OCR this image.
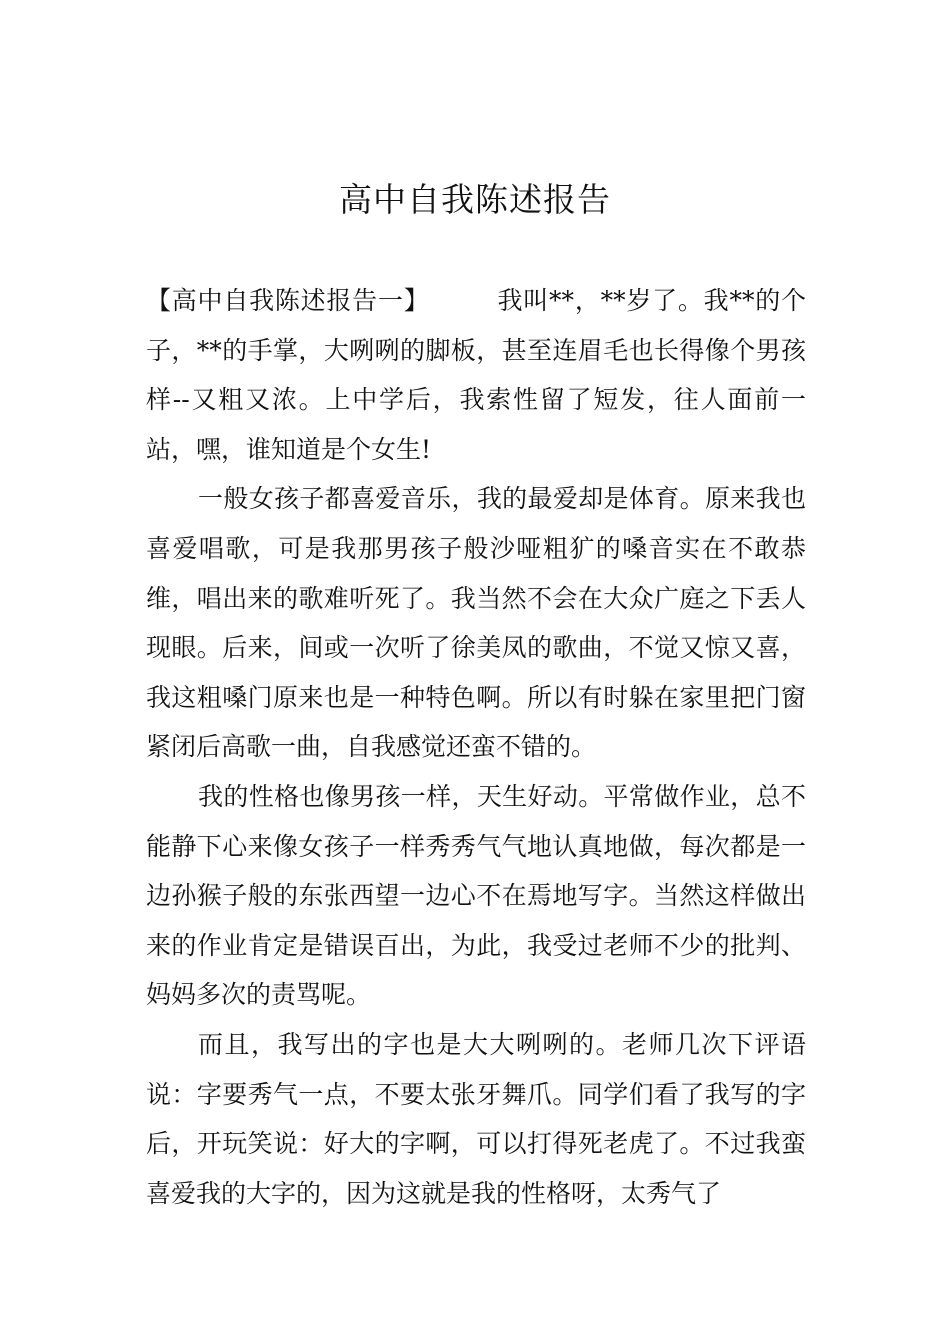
高中自我陈述报告

【高中自我陈述报告一】	我叫**，**岁了。我**的个子，**的手掌，大咧咧的脚板，甚至连眉毛也长得像个男孩样--又粗又浓。上中学后，我索性留了短发，往人面前一站，嘿，谁知道是个女生!

一般女孩子都喜爱音乐，我的最爱却是体育。原来我也喜爱唱歌，可是我那男孩子般沙哑粗犷的嗓音实在不敢恭维，唱出来的歌难听死了。我当然不会在大众广庭之下丢人现眼。后来，间或一次听了徐美凤的歌曲，不觉又惊又喜，我这粗嗓门原来也是一种特色啊。所以有时躲在家里把门窗紧闭后高歌一曲，自我感觉还蛮不错的。

我的性格也像男孩一样，天生好动。平常做作业，总不能静下心来像女孩子一样秀秀气气地认真地做，每次都是一边孙猴子般的东张西望一边心不在焉地写字。当然这样做出来的作业肯定是错误百出，为此，我受过老师不少的批判、妈妈多次的责骂呢。

而且，我写出的字也是大大咧咧的。老师几次下评语说：字要秀气一点，不要太张牙舞爪。同学们看了我写的字后，开玩笑说：好大的字啊，可以打得死老虎了。不过我蛮喜爱我的大字的，因为这就是我的性格呀，太秀气了
